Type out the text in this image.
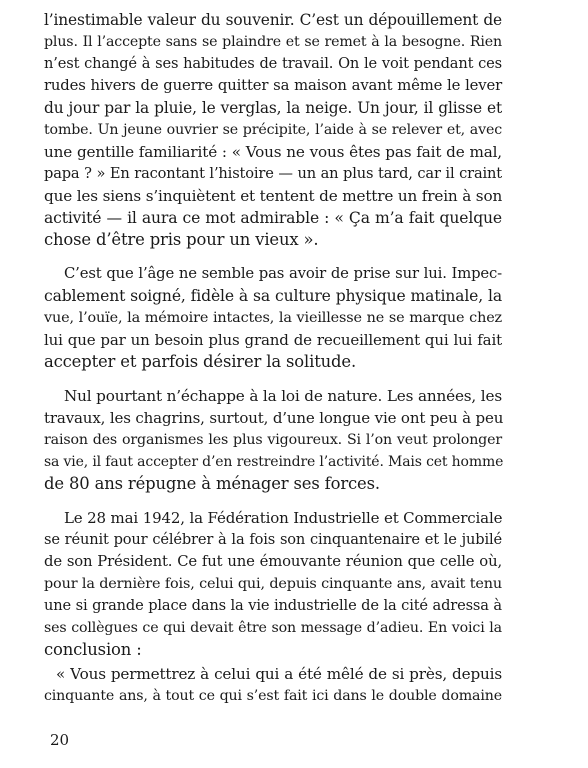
l’inestimable valeur du souvenir. C’est un dépouillement de
plus. Il l’accepte sans se plaindre et se remet à la besogne. Rien
n’est changé à ses habitudes de travail. On le voit pendant ces
rudes hivers de guerre quitter sa maison avant même le lever
du jour par la pluie, le verglas, la neige. Un jour, il glisse et
tombe. Un jeune ouvrier se précipite, l’aide à se relever et, avec
une gentille familiarité : « Vous ne vous êtes pas fait de mal,
papa ? » En racontant l’histoire — un an plus tard, car il craint
que les siens s’inquiètent et tentent de mettre un frein à son
activité — il aura ce mot admirable : « Ça m’a fait quelque
chose d’être pris pour un vieux ».
C’est que l’âge ne semble pas avoir de prise sur lui. Impec-
cablement soigné, fidèle à sa culture physique matinale, la
vue, l’ouïe, la mémoire intactes, la vieillesse ne se marque chez
lui que par un besoin plus grand de recueillement qui lui fait
accepter et parfois désirer la solitude.
Nul pourtant n’échappe à la loi de nature. Les années, les
travaux, les chagrins, surtout, d’une longue vie ont peu à peu
raison des organismes les plus vigoureux. Si l’on veut prolonger
sa vie, il faut accepter d’en restreindre l’activité. Mais cet homme
de 80 ans répugne à ménager ses forces.
Le 28 mai 1942, la Fédération Industrielle et Commerciale
se réunit pour célébrer à la fois son cinquantenaire et le jubilé
de son Président. Ce fut une émouvante réunion que celle où,
pour la dernière fois, celui qui, depuis cinquante ans, avait tenu
une si grande place dans la vie industrielle de la cité adressa à
ses collègues ce qui devait être son message d’adieu. En voici la
conclusion :
« Vous permettrez à celui qui a été mêlé de si près, depuis
cinquante ans, à tout ce qui s’est fait ici dans le double domaine
20
